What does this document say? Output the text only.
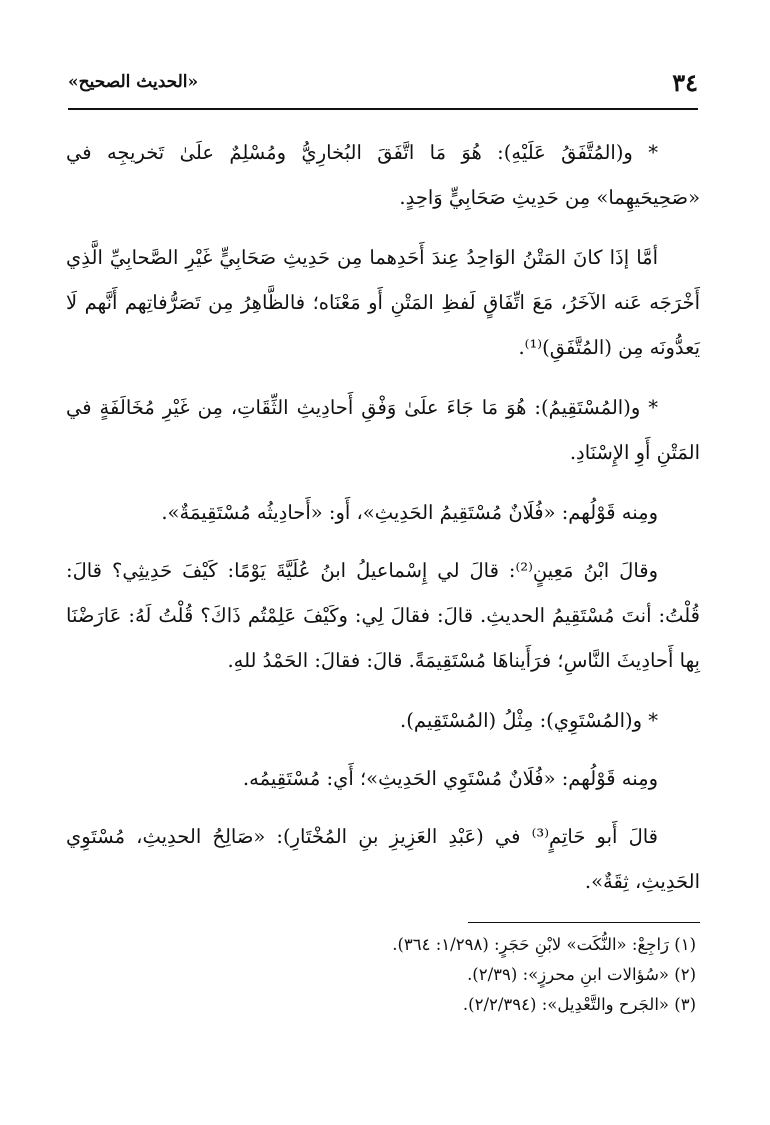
٣٤
«الحديث الصحيح»

* و(المُتَّفَقُ عَلَيْهِ): هُوَ مَا اتَّفَقَ البُخارِيُّ ومُسْلِمٌ علَىٰ تَخريجِه في «صَحِيحَيهِما» مِن حَدِيثِ صَحَابِيٍّ وَاحِدٍ.

أمَّا إذَا كانَ المَتْنُ الوَاحِدُ عِندَ أَحَدِهما مِن حَدِيثِ صَحَابِيٍّ غَيْرِ الصَّحابِيِّ الَّذِي أَخْرَجَه عَنه الآخَرُ، مَعَ اتِّفَاقٍ لَفظِ المَتْنِ أَو مَعْنَاه؛ فالظَّاهِرُ مِن تَصَرُّفاتِهم أَنَّهم لَا يَعدُّونَه مِن (المُتَّفَقِ)⁽¹⁾.

* و(المُسْتَقِيمُ): هُوَ مَا جَاءَ علَىٰ وَفْقِ أَحادِيثِ الثِّقَاتِ، مِن غَيْرِ مُخَالَفَةٍ في المَتْنِ أَوِ الإِسْنَادِ.

ومِنه قَوْلُهم: «فُلَانٌ مُسْتَقِيمُ الحَدِيثِ»، أَو: «أَحادِيثُه مُسْتَقِيمَةٌ».

وقالَ ابْنُ مَعِينٍ⁽²⁾: قالَ لي إِسْماعيلُ ابنُ عُلَيَّةَ يَوْمًا: كَيْفَ حَدِيثِي؟ قالَ: قُلْتُ: أنتَ مُسْتَقِيمُ الحديثِ. قالَ: فقالَ لِي: وكَيْفَ عَلِمْتُم ذَاكَ؟ قُلْتُ لَهُ: عَارَضْنَا بِها أَحادِيثَ النَّاسِ؛ فرَأَيناهَا مُسْتَقِيمَةً. قالَ: فقالَ: الحَمْدُ للهِ.

* و(المُسْتَوِي): مِثْلُ (المُسْتَقِيم).

ومِنه قَوْلُهم: «فُلَانٌ مُسْتَوِي الحَدِيثِ»؛ أَي: مُسْتَقِيمُه.

قالَ أَبو حَاتِمٍ⁽³⁾ في (عَبْدِ العَزِيزِ بنِ المُخْتَارِ): «صَالِحُ الحدِيثِ، مُسْتَوِي الحَدِيثِ، ثِقَةٌ».

(١) رَاجِعْ: «النُّكَت» لابْنِ حَجَرٍ: (١/٢٩٨: ٣٦٤).

(٢) «سُؤالات ابنِ محرزٍ»: (٢/٣٩).

(٣) «الجَرح والتَّعْدِيل»: (٢/٢/٣٩٤).
